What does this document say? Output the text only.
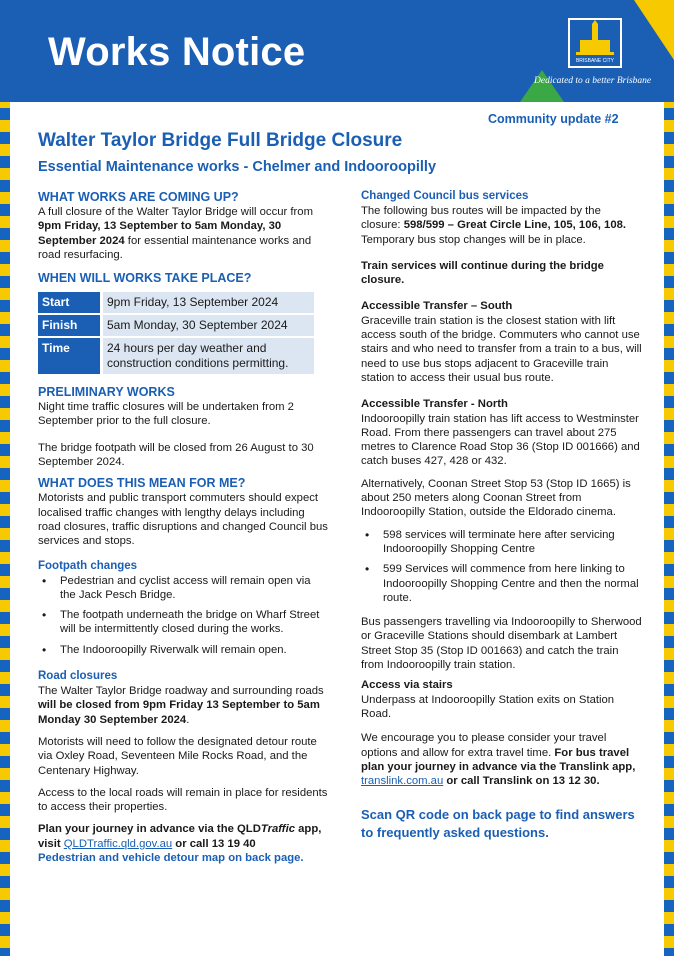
Works Notice	BRISBANE CITY
Dedicated to a better Brisbane
Community update #2
Walter Taylor Bridge Full Bridge Closure
Essential Maintenance works - Chelmer and Indooroopilly
WHAT WORKS ARE COMING UP?

A full closure of the Walter Taylor Bridge will occur from 9pm Friday, 13 September to 5am Monday, 30 September 2024 for essential maintenance works and road resurfacing.

WHEN WILL WORKS TAKE PLACE?
Start	9pm Friday, 13 September 2024
Finish	5am Monday, 30 September 2024
Time	24 hours per day weather and construction conditions permitting.
PRELIMINARY WORKS

Night time traffic closures will be undertaken from 2 September prior to the full closure.

The bridge footpath will be closed from 26 August to 30 September 2024.

WHAT DOES THIS MEAN FOR ME?

Motorists and public transport commuters should expect localised traffic changes with lengthy delays including road closures, traffic disruptions and changed Council bus services and stops.

Footpath changes
• Pedestrian and cyclist access will remain open via the Jack Pesch Bridge.
• The footpath underneath the bridge on Wharf Street will be intermittently closed during the works.
• The Indooroopilly Riverwalk will remain open.
Road closures

The Walter Taylor Bridge roadway and surrounding roads will be closed from 9pm Friday 13 September to 5am Monday 30 September 2024.

Motorists will need to follow the designated detour route via Oxley Road, Seventeen Mile Rocks Road, and the Centenary Highway.

Access to the local roads will remain in place for residents to access their properties.

Plan your journey in advance via the QLDTraffic app, visit QLDTraffic.qld.gov.au or call 13 19 40

Pedestrian and vehicle detour map on back page.

Changed Council bus services

The following bus routes will be impacted by the closure: 598/599 – Great Circle Line, 105, 106, 108. Temporary bus stop changes will be in place.

Train services will continue during the bridge closure.

Accessible Transfer – South

Graceville train station is the closest station with lift access south of the bridge. Commuters who cannot use stairs and who need to transfer from a train to a bus, will need to use bus stops adjacent to Graceville train station to access their usual bus route.

Accessible Transfer - North

Indooroopilly train station has lift access to Westminster Road. From there passengers can travel about 275 metres to Clarence Road Stop 36 (Stop ID 001666) and catch buses 427, 428 or 432.

Alternatively, Coonan Street Stop 53 (Stop ID 1665) is about 250 meters along Coonan Street from Indooroopilly Station, outside the Eldorado cinema.

• 598 services will terminate here after servicing Indooroopilly Shopping Centre
• 599 Services will commence from here linking to Indooroopilly Shopping Centre and then the normal route.

Bus passengers travelling via Indooroopilly to Sherwood or Graceville Stations should disembark at Lambert Street Stop 35 (Stop ID 001663) and catch the train from Indooroopilly train station.

Access via stairs

Underpass at Indooroopilly Station exits on Station Road.

We encourage you to please consider your travel options and allow for extra travel time. For bus travel plan your journey in advance via the Translink app, translink.com.au or call Translink on 13 12 30.

Scan QR code on back page to find answers to frequently asked questions.
